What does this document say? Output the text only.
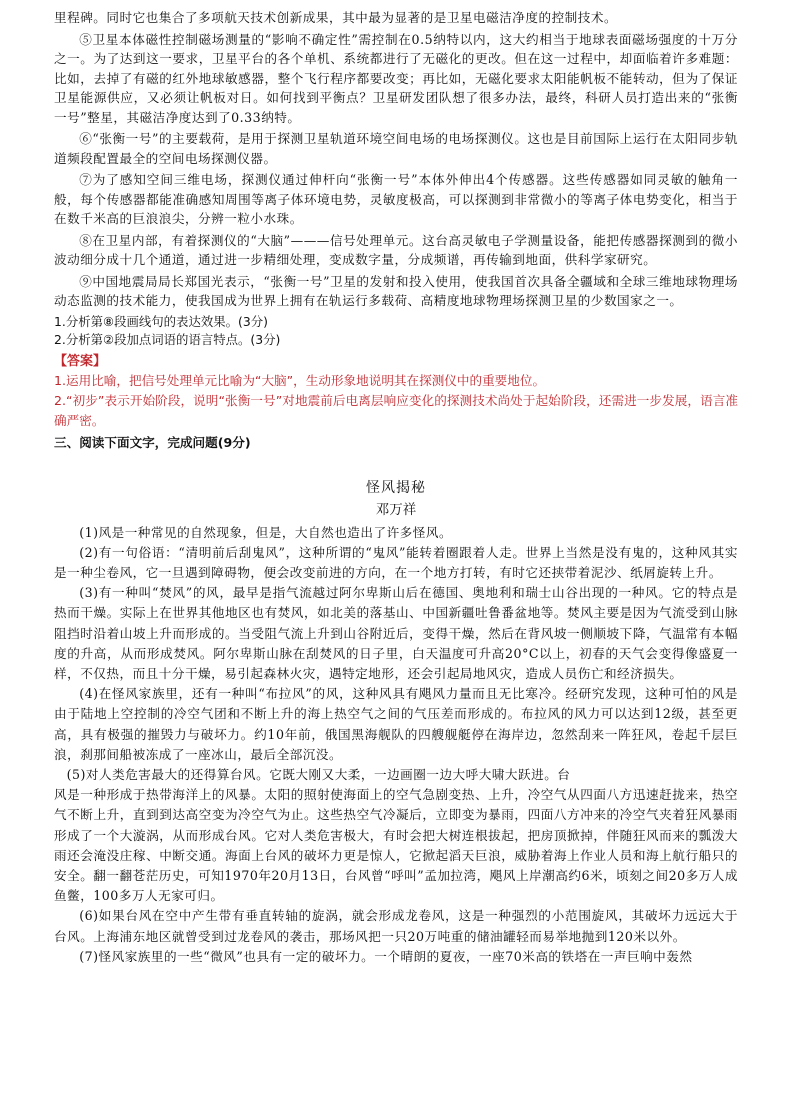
里程碑。同时它也集合了多项航天技术创新成果，其中最为显著的是卫星电磁洁净度的控制技术。

⑤卫星本体磁性控制磁场测量的“影响不确定性”需控制在0.5纳特以内，这大约相当于地球表面磁场强度的十万分之一。为了达到这一要求，卫星平台的各个单机、系统都进行了无磁化的更改。但在这一过程中，却面临着许多难题：比如，去掉了有磁的红外地球敏感器，整个飞行程序都要改变；再比如，无磁化要求太阳能帆板不能转动，但为了保证卫星能源供应，又必须让帆板对日。如何找到平衡点？卫星研发团队想了很多办法，最终，科研人员打造出来的“张衡一号”整星，其磁洁净度达到了0.33纳特。

⑥“张衡一号”的主要载荷，是用于探测卫星轨道环境空间电场的电场探测仪。这也是目前国际上运行在太阳同步轨道频段配置最全的空间电场探测仪器。

⑦为了感知空间三维电场，探测仪通过伸杆向“张衡一号”本体外伸出4个传感器。这些传感器如同灵敏的触角一般，每个传感器都能准确感知周围等离子体环境电势，灵敏度极高，可以探测到非常微小的等离子体电势变化，相当于在数千米高的巨浪浪尖，分辨一粒小水珠。

⑧在卫星内部，有着探测仪的“大脑”———信号处理单元。这台高灵敏电子学测量设备，能把传感器探测到的微小波动细分成十几个通道，通过进一步精细处理，变成数字量，分成频谱，再传输到地面，供科学家研究。

⑨中国地震局局长郑国光表示，“张衡一号”卫星的发射和投入使用，使我国首次具备全疆域和全球三维地球物理场动态监测的技术能力，使我国成为世界上拥有在轨运行多载荷、高精度地球物理场探测卫星的少数国家之一。

1.分析第⑧段画线句的表达效果。(3分)

2.分析第②段加点词语的语言特点。(3分)

【答案】

1.运用比喻，把信号处理单元比喻为“大脑”，生动形象地说明其在探测仪中的重要地位。

2.“初步”表示开始阶段，说明“张衡一号”对地震前后电离层响应变化的探测技术尚处于起始阶段，还需进一步发展，语言准确严密。

三、阅读下面文字，完成问题(9分)

怪风揭秘

邓万祥

(1)风是一种常见的自然现象，但是，大自然也造出了许多怪风。

(2)有一句俗语：“清明前后刮鬼风”，这种所谓的“鬼风”能转着圈跟着人走。世界上当然是没有鬼的，这种风其实是一种尘卷风，它一旦遇到障碍物，便会改变前进的方向，在一个地方打转，有时它还挟带着泥沙、纸屑旋转上升。

(3)有一种叫“焚风”的风，最早是指气流越过阿尔卑斯山后在德国、奥地利和瑞士山谷出现的一种风。它的特点是热而干燥。实际上在世界其他地区也有焚风，如北美的落基山、中国新疆吐鲁番盆地等。焚风主要是因为气流受到山脉阻挡时沿着山坡上升而形成的。当受阻气流上升到山谷附近后，变得干燥，然后在背风坡一侧顺坡下降，气温常有本幅度的升高，从而形成焚风。阿尔卑斯山脉在刮焚风的日子里，白天温度可升高20°C以上，初春的天气会变得像盛夏一样，不仅热，而且十分干燥，易引起森林火灾，遇特定地形，还会引起局地风灾，造成人员伤亡和经济损失。

(4)在怪风家族里，还有一种叫“布拉风”的风，这种风具有飓风力量而且无比寒冷。经研究发现，这种可怕的风是由于陆地上空控制的冷空气团和不断上升的海上热空气之间的气压差而形成的。布拉风的风力可以达到12级，甚至更高，具有极强的摧毁力与破坏力。约10年前，俄国黑海舰队的四艘舰艇停在海岸边，忽然刮来一阵狂风，卷起千层巨浪，刹那间船被冻成了一座冰山，最后全部沉没。

(5)对人类危害最大的还得算台风。它既大刚又大柔，一边画圈一边大呼大啸大跃进。台

风是一种形成于热带海洋上的风暴。太阳的照射使海面上的空气急剧变热、上升，冷空气从四面八方迅速赶拢来，热空气不断上升，直到到达高空变为冷空气为止。这些热空气冷凝后，立即变为暴雨，四面八方冲来的冷空气夹着狂风暴雨形成了一个大漩涡，从而形成台风。它对人类危害极大，有时会把大树连根拔起，把房顶掀掉，伴随狂风而来的瓢泼大雨还会淹没庄稼、中断交通。海面上台风的破坏力更是惊人，它掀起滔天巨浪，威胁着海上作业人员和海上航行船只的安全。翻一翻苍茫历史，可知1970年20月13日，台风曾“呼叫”孟加拉湾，飓风上岸潮高约6米，顷刻之间20多万人成鱼鳖，100多万人无家可归。

(6)如果台风在空中产生带有垂直转轴的旋涡，就会形成龙卷风，这是一种强烈的小范围旋风，其破坏力远远大于台风。上海浦东地区就曾受到过龙卷风的袭击，那场风把一只20万吨重的储油罐轻而易举地抛到120米以外。

(7)怪风家族里的一些“微风”也具有一定的破坏力。一个晴朗的夏夜，一座70米高的铁塔在一声巨响中轰然
